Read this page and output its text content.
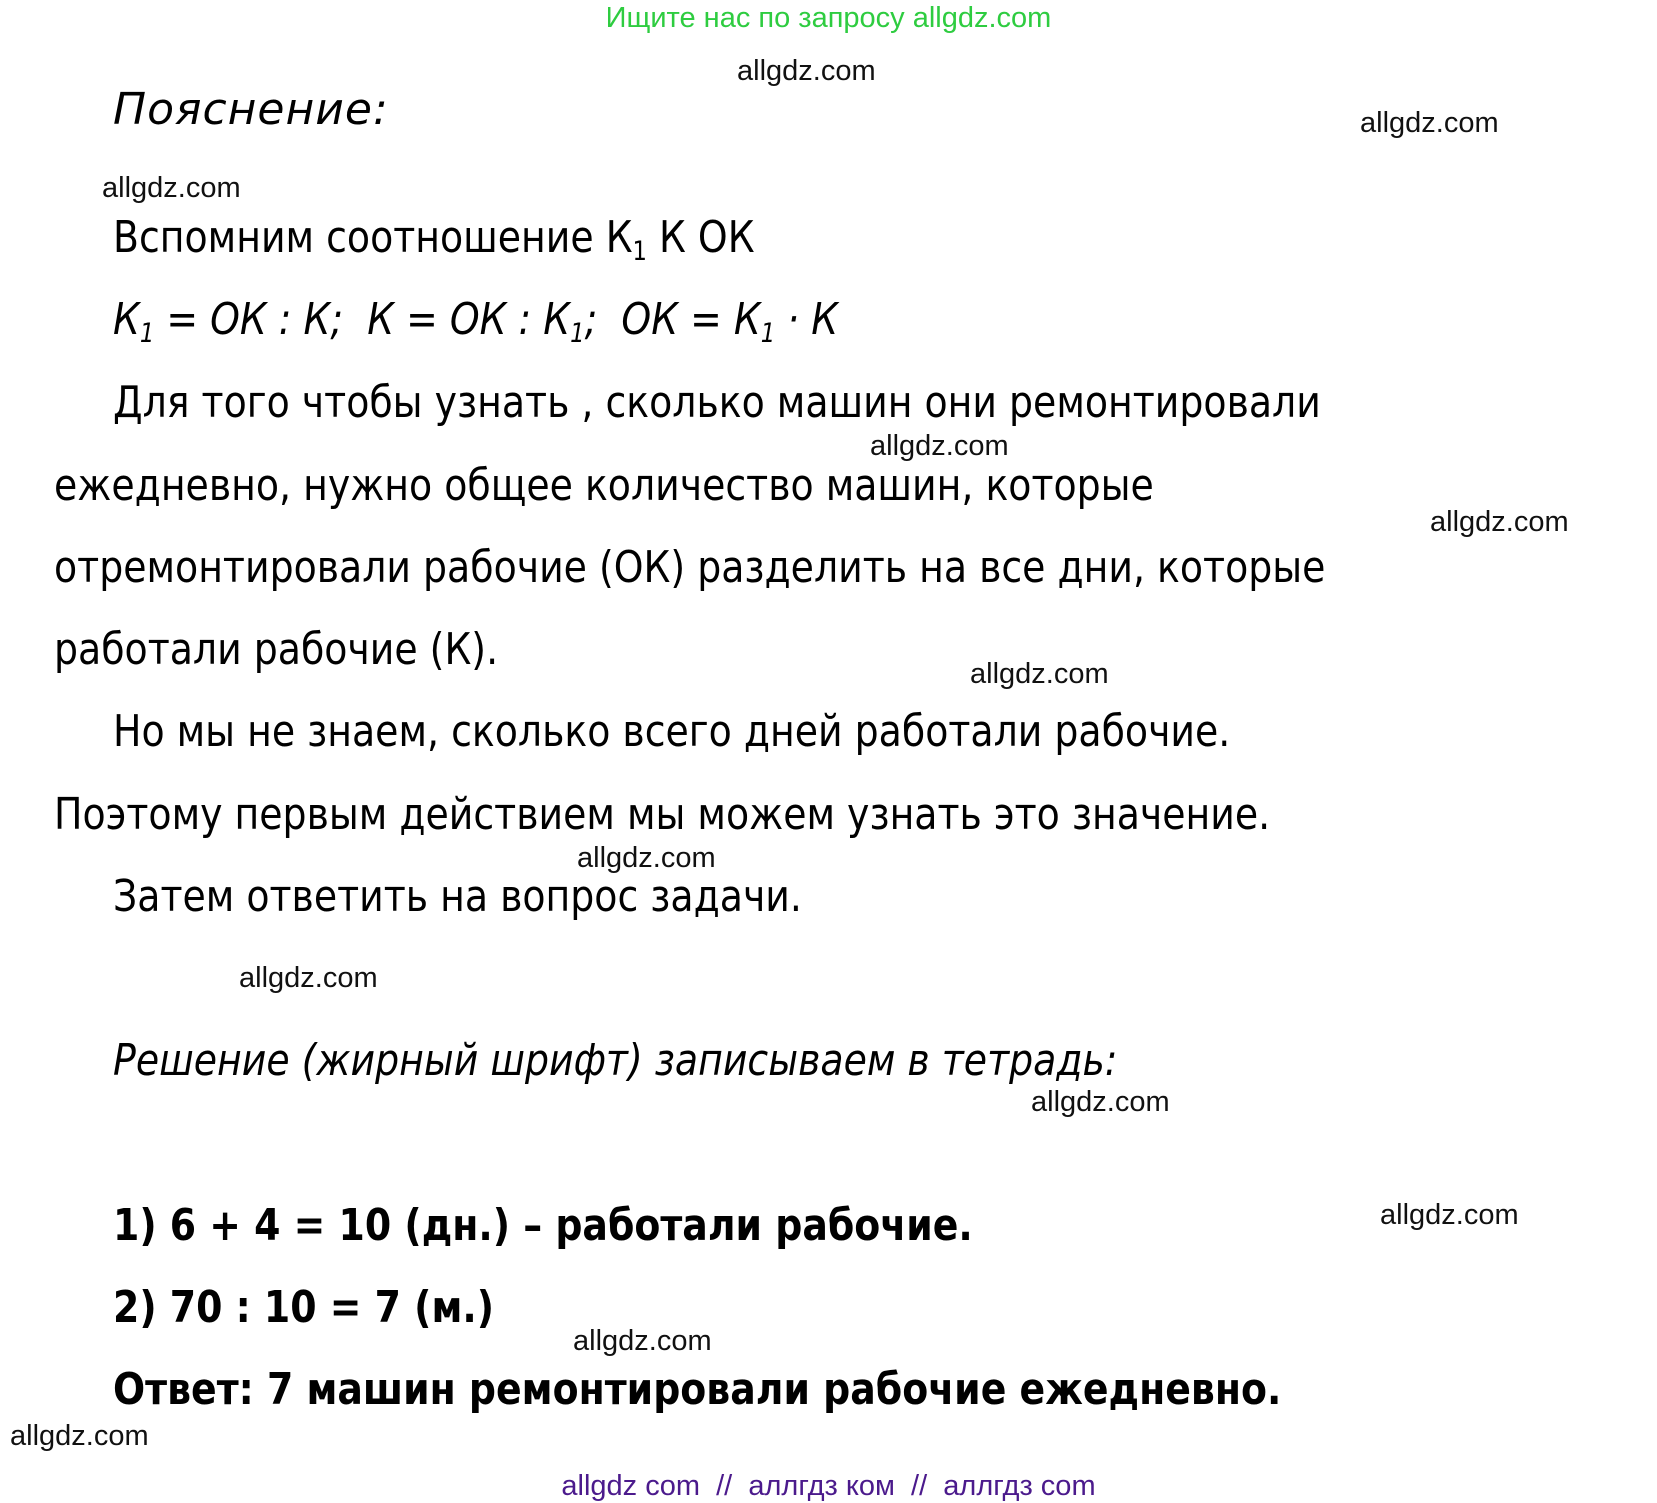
Ищите нас по запросу allgdz.com
allgdz.com
allgdz.com
allgdz.com
allgdz.com
allgdz.com
allgdz.com
allgdz.com
allgdz.com
allgdz.com
allgdz.com
allgdz.com
allgdz.com
Пояснение:
Вспомним соотношение $К_1$ К ОК
$К_1$ = ОК : К;  К = ОК : $К_1$;  ОК = $К_1 \cdot К$
Для того чтобы узнать , сколько машин они ремонтировали
ежедневно, нужно общее количество машин, которые
отремонтировали рабочие (ОК) разделить на все дни, которые
работали рабочие (К).
Но мы не знаем, сколько всего дней работали рабочие.
Поэтому первым действием мы можем узнать это значение.
Затем ответить на вопрос задачи.
Решение (жирный шрифт) записываем в тетрадь:
1) 6 + 4 = 10 (дн.) – работали рабочие.
2) 70 : 10 = 7 (м.)
Ответ: 7 машин ремонтировали рабочие ежедневно.
allgdz com  //  аллгдз ком  //  аллгдз com
